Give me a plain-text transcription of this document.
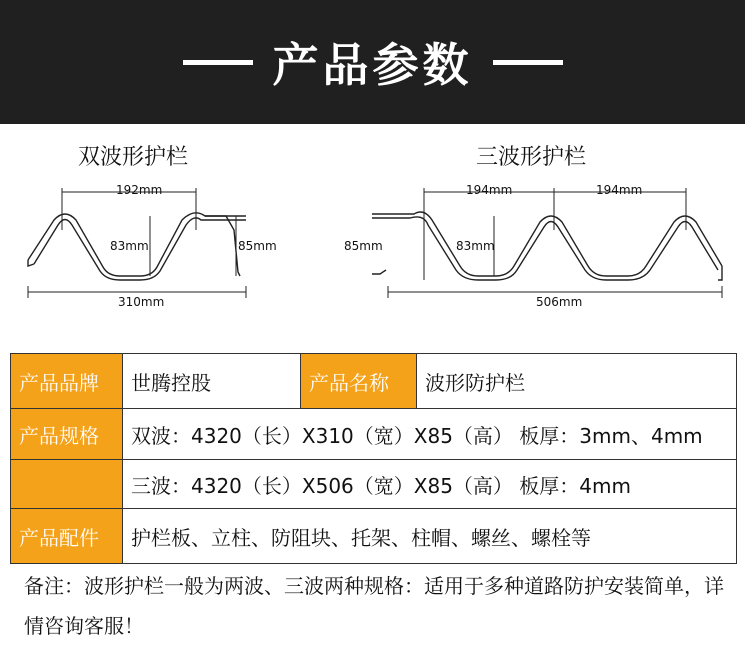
产品参数
双波形护栏	三波形护栏
192mm
83mm	85mm
310mm
194mm	194mm
85mm	83mm
506mm
产品品牌	世腾控股	产品名称	波形防护栏
产品规格	双波：4320（长）X310（宽）X85（高） 板厚：3mm、4mm		
	三波：4320（长）X506（宽）X85（高） 板厚：4mm		
产品配件	护栏板、立柱、防阻块、托架、柱帽、螺丝、螺栓等		
备注：波形护栏一般为两波、三波两种规格：适用于多种道路防护安装简单，详情咨询客服！
